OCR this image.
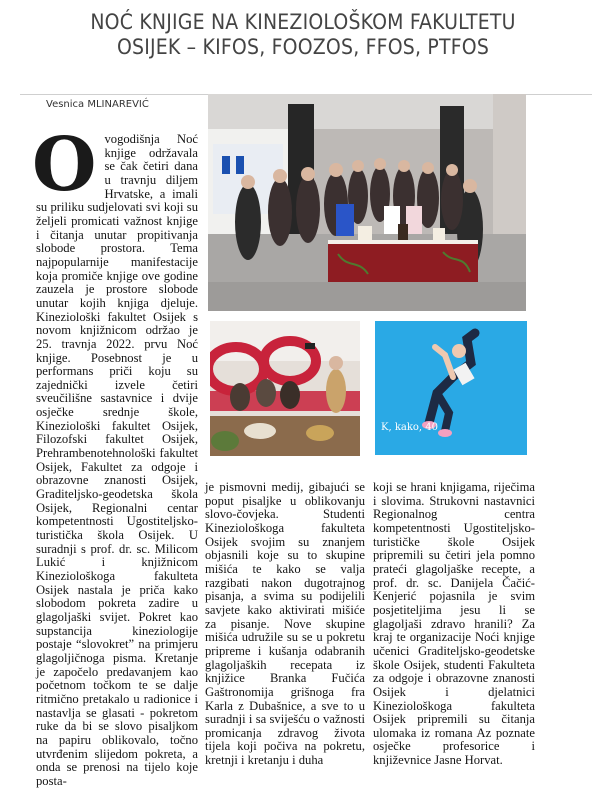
NOĆ KNJIGE NA KINEZIOLOŠKOM FAKULTETU
OSIJEK – KIFOS, FOOZOS, FFOS, PTFOS
Vesnica MLINAREVIĆ

Ovogodišnja Noć knjige održavala se čak četiri dana u travnju diljem Hrvatske, a imali su priliku sudjelovati svi koji su željeli promicati važnost knjige i čitanja unutar propitivanja slobode prostora. Tema najpopularnije manifestacije koja promiče knjige ove godine zauzela je prostore slobode unutar kojih knjiga djeluje. Kineziološki fakultet Osijek s novom knjižnicom održao je 25. travnja 2022. prvu Noć knjige. Posebnost je u performans priči koju su zajednički izvele četiri sveučilišne sastavnice i dvije osječke srednje škole, Kineziološki fakultet Osijek, Filozofski fakultet Osijek, Prehrambenotehnološki fakultet Osijek, Fakultet za odgoje i obrazovne znanosti Osijek, Graditeljsko-geodetska škola Osijek, Regionalni centar kompetentnosti Ugostiteljsko-turistička škola Osijek. U suradnji s prof. dr. sc. Milicom Lukić i knjižnicom Kineziološkoga fakulteta Osijek nastala je priča kako slobodom pokreta zadire u glagoljaški svijet. Pokret kao supstancija kineziologije postaje “slovokret” na primjeru glagoljičnoga pisma. Kretanje je započelo predavanjem kao početnom točkom te se dalje ritmično pretakalo u radionice i nastavlja se glasati - pokretom ruke da bi se slovo pisaljkom na papiru oblikovalo, točno utvrđenim slijedom pokreta, a onda se prenosi na tijelo koje posta-

je pismovni medij, gibajući se poput pisaljke u oblikovanju slovo-čovjeka. Studenti Kineziološkoga fakulteta Osijek svojim su znanjem objasnili koje su to skupine mišića te kako se valja razgibati nakon dugotrajnog pisanja, a svima su podijelili savjete kako aktivirati mišiće za pisanje. Nove skupine mišića udružile su se u pokretu pripreme i kušanja odabranih glagoljaških recepata iz knjižice Branka Fučića Gaštronomija grišnoga fra Karla z Dubašnice, a sve to u suradnji i sa sviješću o važnosti promicanja zdravog života tijela koji počiva na pokretu, kretnji i kretanju i duha

koji se hrani knjigama, riječima i slovima. Strukovni nastavnici Regionalnog centra kompetentnosti Ugostiteljsko-turističke škole Osijek pripremili su četiri jela pomno prateći glagoljaške recepte, a prof. dr. sc. Danijela Čačić-Kenjerić pojasnila je svim posjetiteljima jesu li se glagoljaši zdravo hranili? Za kraj te organizacije Noći knjige učenici Graditeljsko-geodetske škole Osijek, studenti Fakulteta za odgoje i obrazovne znanosti Osijek i djelatnici Kineziološkoga fakulteta Osijek pripremili su čitanja ulomaka iz romana Az poznate osječke profesorice i književnice Jasne Horvat.

K, kako, 40
